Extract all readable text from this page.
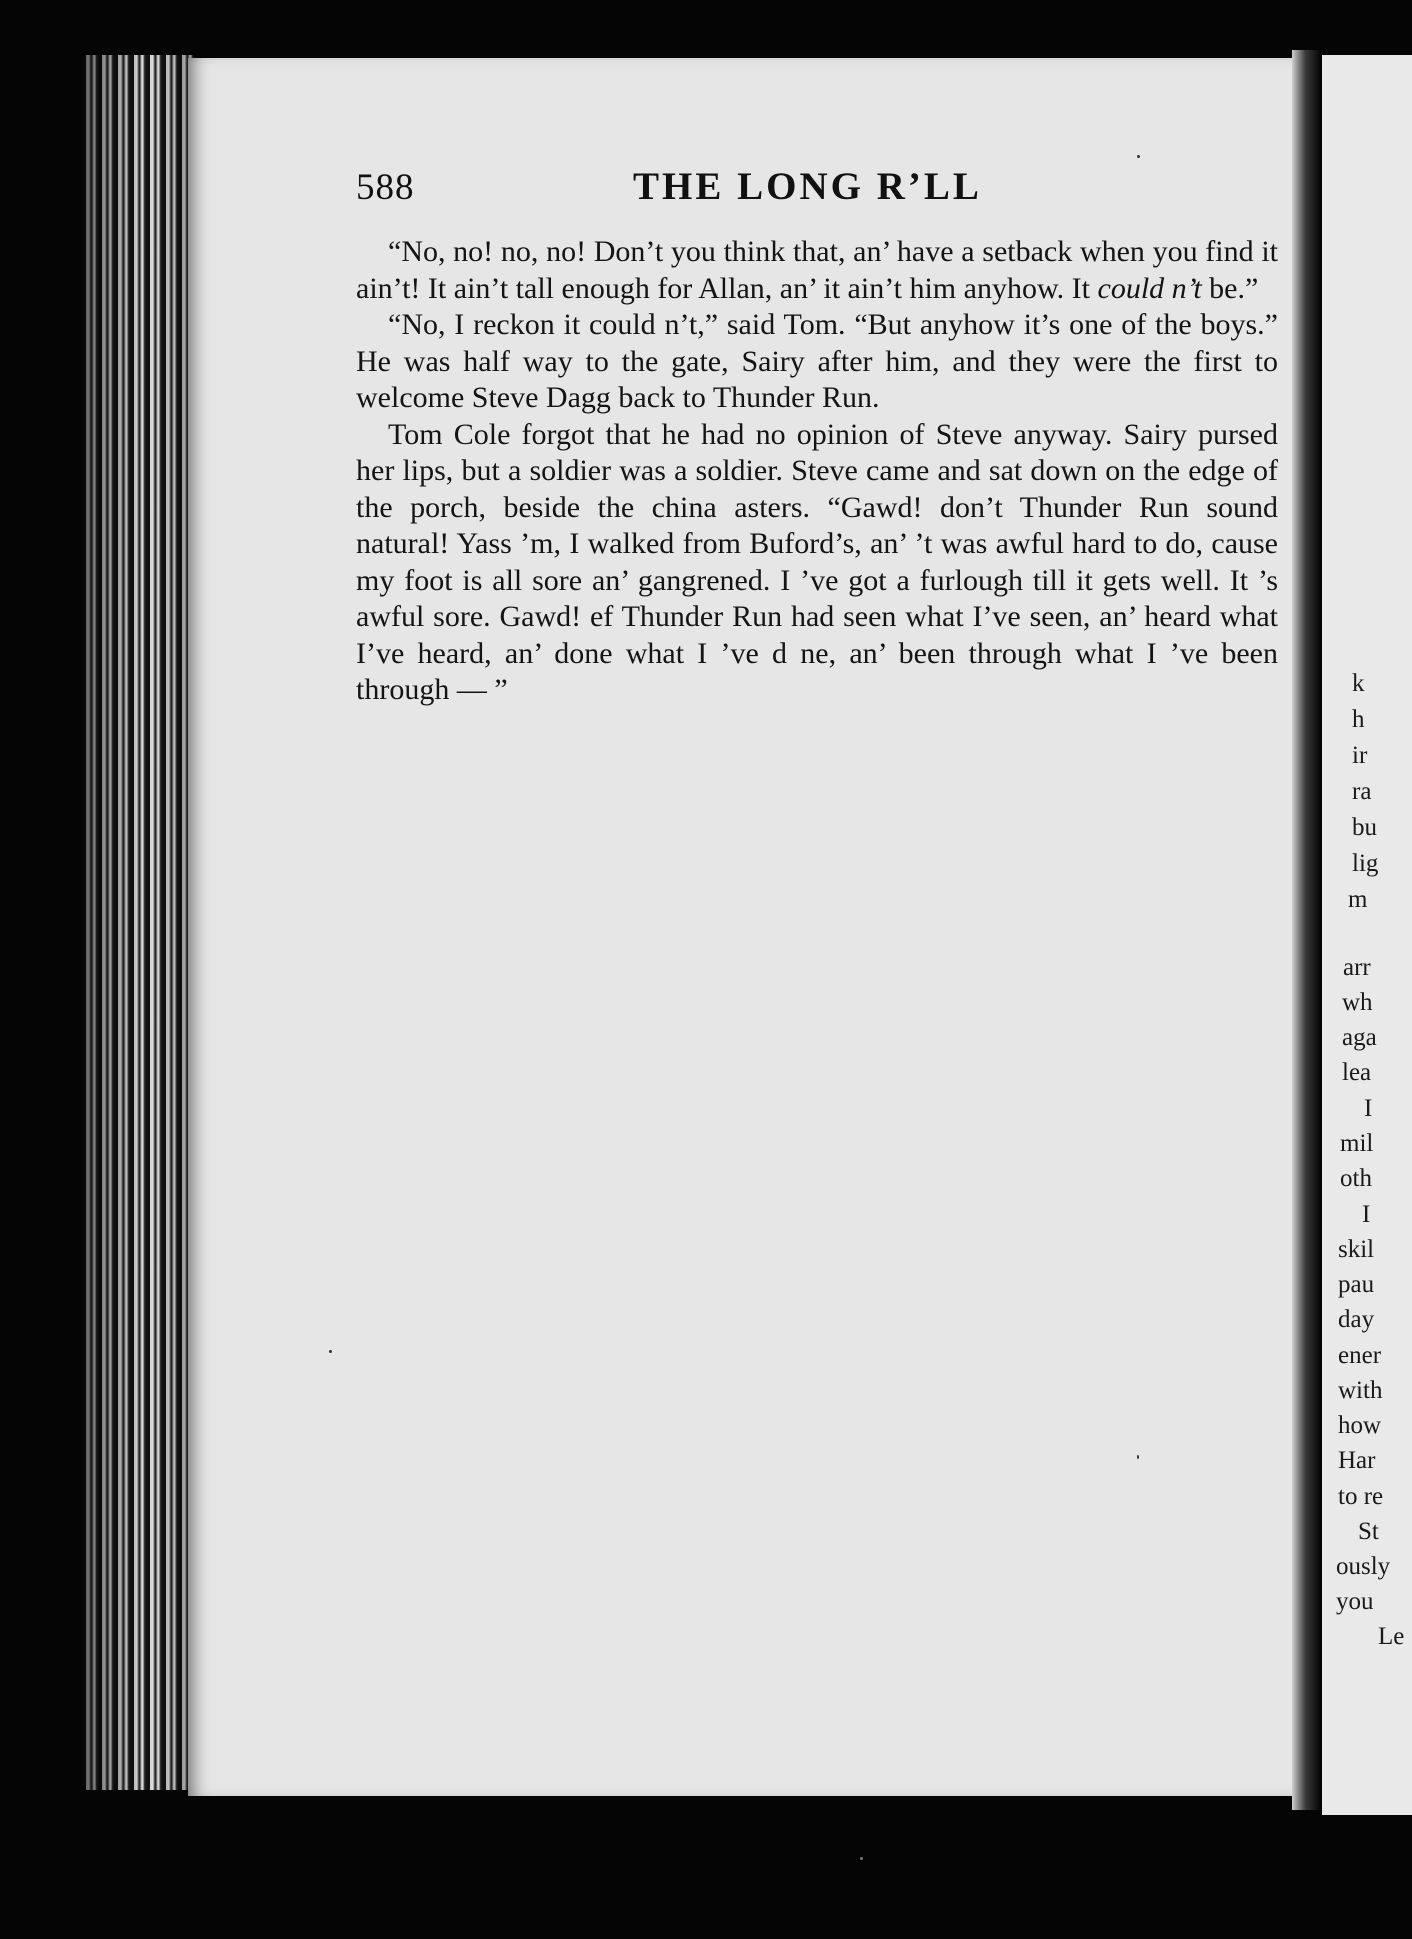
k
h
ir
ra
bu
lig
m
arr
wh
aga
lea
I
mil
oth
I
skil
pau
day
ener
with
how
Har
to re
St
ously
you
Le
588	THE LONG R’LL

“No, no! no, no! Don’t you think that, an’ have a setback when you find it ain’t! It ain’t tall enough for Allan, an’ it ain’t him anyhow. It could n’t be.”

“No, I reckon it could n’t,” said Tom. “But anyhow it’s one of the boys.” He was half way to the gate, Sairy after him, and they were the first to welcome Steve Dagg back to Thunder Run.

Tom Cole forgot that he had no opinion of Steve anyway. Sairy pursed her lips, but a soldier was a soldier. Steve came and sat down on the edge of the porch, beside the china asters. “Gawd! don’t Thunder Run sound natural! Yass ’m, I walked from Buford’s, an’ ’t was awful hard to do, cause my foot is all sore an’ gangrened. I ’ve got a furlough till it gets well. It ’s awful sore. Gawd! ef Thunder Run had seen what I’ve seen, an’ heard what I’ve heard, an’ done what I ’ve d ne, an’ been through what I ’ve been through — ”
